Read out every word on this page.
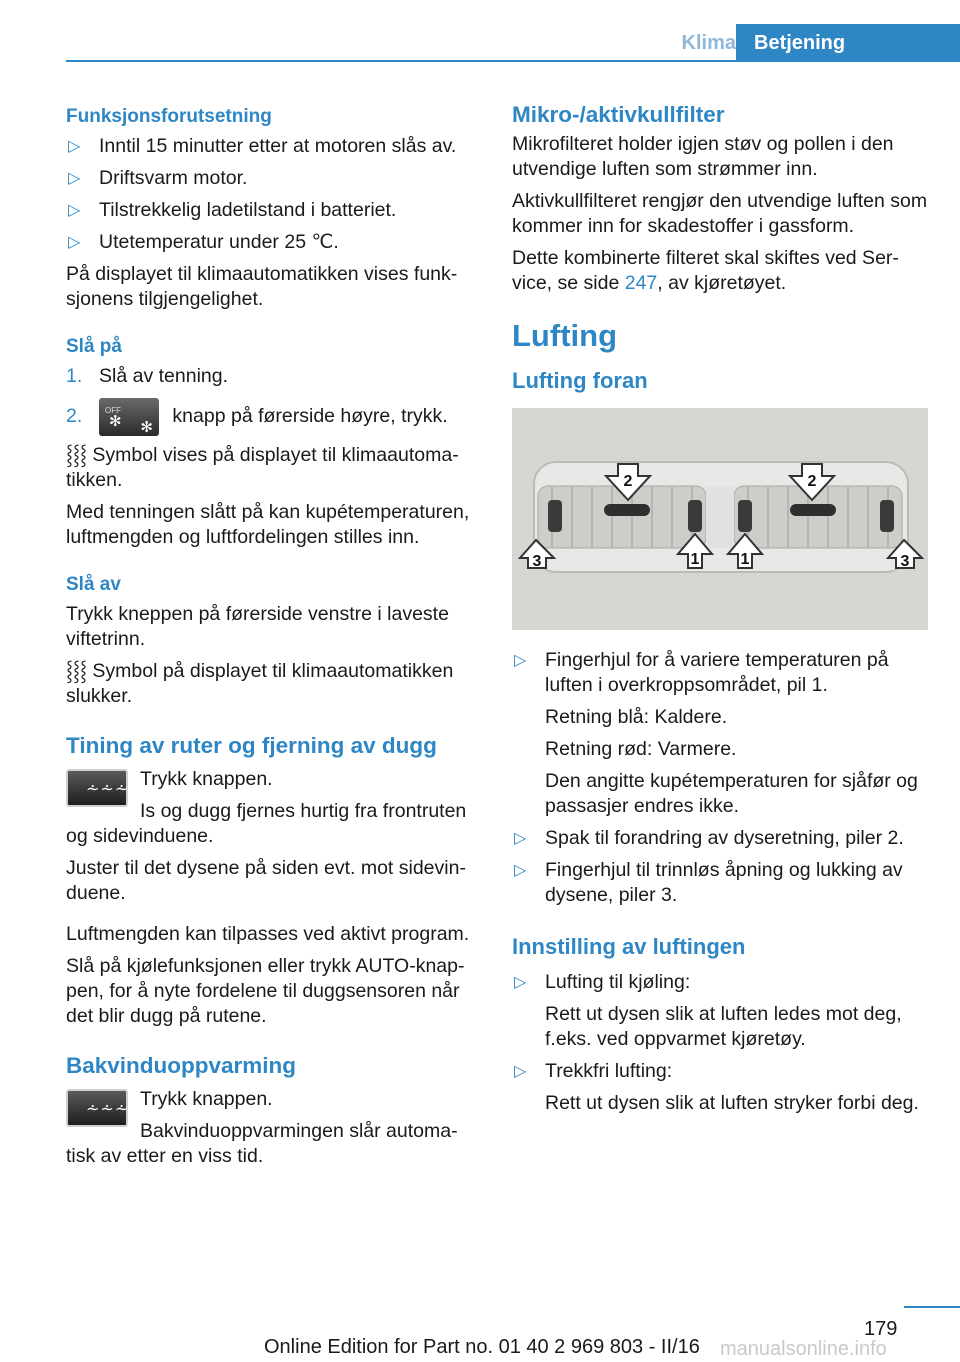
Klima Betjening
Funksjonsforutsetning
▷ Inntil 15 minutter etter at motoren slås av.
▷ Driftsvarm motor.
▷ Tilstrekkelig ladetilstand i batteriet.
▷ Utetemperatur under 25 ℃.

På displayet til klimaautomatikken vises funk‐sjonens tilgjengelighet.

Slå på
1. Slå av tenning.
2.	OFF
✻ ✻
knapp på førerside høyre, trykk.

⸾⸾⸾ Symbol vises på displayet til klimaautoma‐tikken.

Med tenningen slått på kan kupétemperaturen, luftmengden og luftfordelingen stilles inn.

Slå av

Trykk kneppen på førerside venstre i laveste viftetrinn.

⸾⸾⸾ Symbol på displayet til klimaautomatikken slukker.

Tining av ruter og fjerning av dugg
⩪⩪⩪ Trykk knappen.

Is og dugg fjernes hurtig fra frontruten

og sidevinduene.

Juster til det dysene på siden evt. mot sidevin‐duene.

Luftmengden kan tilpasses ved aktivt program.

Slå på kjølefunksjonen eller trykk AUTO-knap‐pen, for å nyte fordelene til duggsensoren når det blir dugg på rutene.

Bakvinduoppvarming
⩪⩪⩪ Trykk knappen.

Bakvinduoppvarmingen slår automa‐

tisk av etter en viss tid.

Mikro-/aktivkullfilter

Mikrofilteret holder igjen støv og pollen i den utvendige luften som strømmer inn.

Aktivkullfilteret rengjør den utvendige luften som kommer inn for skadestoffer i gassform.

Dette kombinerte filteret skal skiftes ved Ser‐vice, se side 247, av kjøretøyet.

Lufting
Lufting foran
2	2
1	1
3	3
▷ Fingerhjul for å variere temperaturen på luften i overkroppsområdet, pil 1.
Retning blå: Kaldere.
Retning rød: Varmere.
Den angitte kupétemperaturen for sjåfør og passasjer endres ikke.
▷ Spak til forandring av dyseretning, piler 2.
▷ Fingerhjul til trinnløs åpning og lukking av dysene, piler 3.
Innstilling av luftingen
▷ Lufting til kjøling:
Rett ut dysen slik at luften ledes mot deg, f.eks. ved oppvarmet kjøretøy.
▷ Trekkfri lufting:
Rett ut dysen slik at luften stryker forbi deg.
179
Online Edition for Part no. 01 40 2 969 803 - II/16 manualsonline.info
